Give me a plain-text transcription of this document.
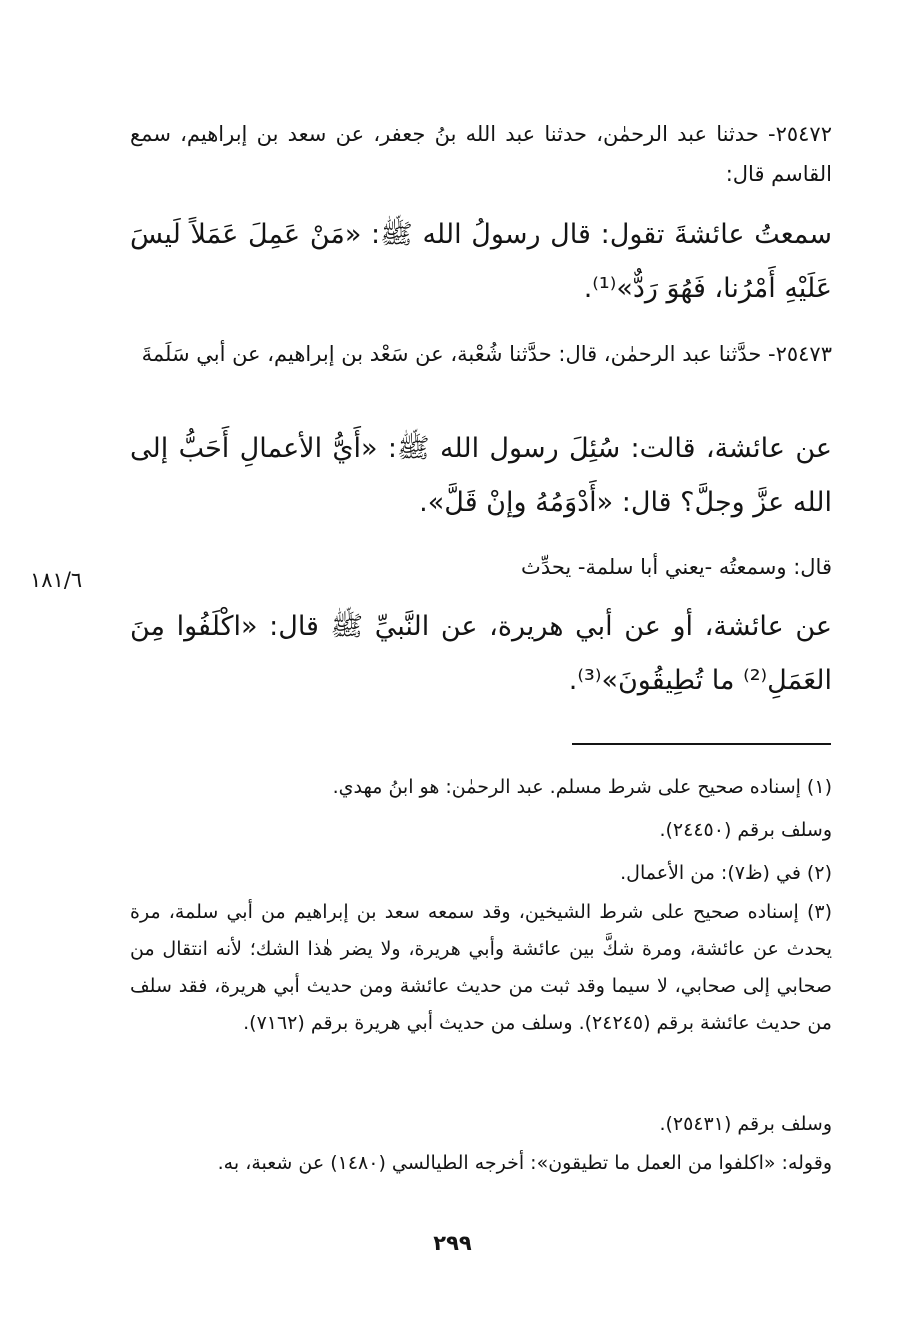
٢٥٤٧٢- حدثنا عبد الرحمٰن، حدثنا عبد الله بنُ جعفر، عن سعد بن إبراهيم، سمع القاسم قال:

سمعتُ عائشةَ تقول: قال رسولُ الله ﷺ: «مَنْ عَمِلَ عَمَلاً لَيسَ عَلَيْهِ أَمْرُنا، فَهُوَ رَدٌّ»⁽¹⁾.

٢٥٤٧٣- حدَّثنا عبد الرحمٰن، قال: حدَّثنا شُعْبة، عن سَعْد بن إبراهيم، عن أبي سَلَمةَ

عن عائشة، قالت: سُئِلَ رسول الله ﷺ: «أَيُّ الأعمالِ أَحَبُّ إلى الله عزَّ وجلَّ؟ قال: «أَدْوَمُهُ وإنْ قَلَّ».

قال: وسمعتُه -يعني أبا سلمة- يحدِّث

١٨١/٦

عن عائشة، أو عن أبي هريرة، عن النَّبيِّ ﷺ قال: «اكْلَفُوا مِنَ العَمَلِ⁽²⁾ ما تُطِيقُونَ»⁽³⁾.

(١) إسناده صحيح على شرط مسلم. عبد الرحمٰن: هو ابنُ مهدي.

وسلف برقم (٢٤٤٥٠).

(٢) في (ظ٧): من الأعمال.

(٣) إسناده صحيح على شرط الشيخين، وقد سمعه سعد بن إبراهيم من أبي سلمة، مرة يحدث عن عائشة، ومرة شكَّ بين عائشة وأبي هريرة، ولا يضر هٰذا الشك؛ لأنه انتقال من صحابي إلى صحابي، لا سيما وقد ثبت من حديث عائشة ومن حديث أبي هريرة، فقد سلف من حديث عائشة برقم (٢٤٢٤٥). وسلف من حديث أبي هريرة برقم (٧١٦٢).

وسلف برقم (٢٥٤٣١).

وقوله: «اكلفوا من العمل ما تطيقون»: أخرجه الطيالسي (١٤٨٠) عن شعبة، به.

٢٩٩
